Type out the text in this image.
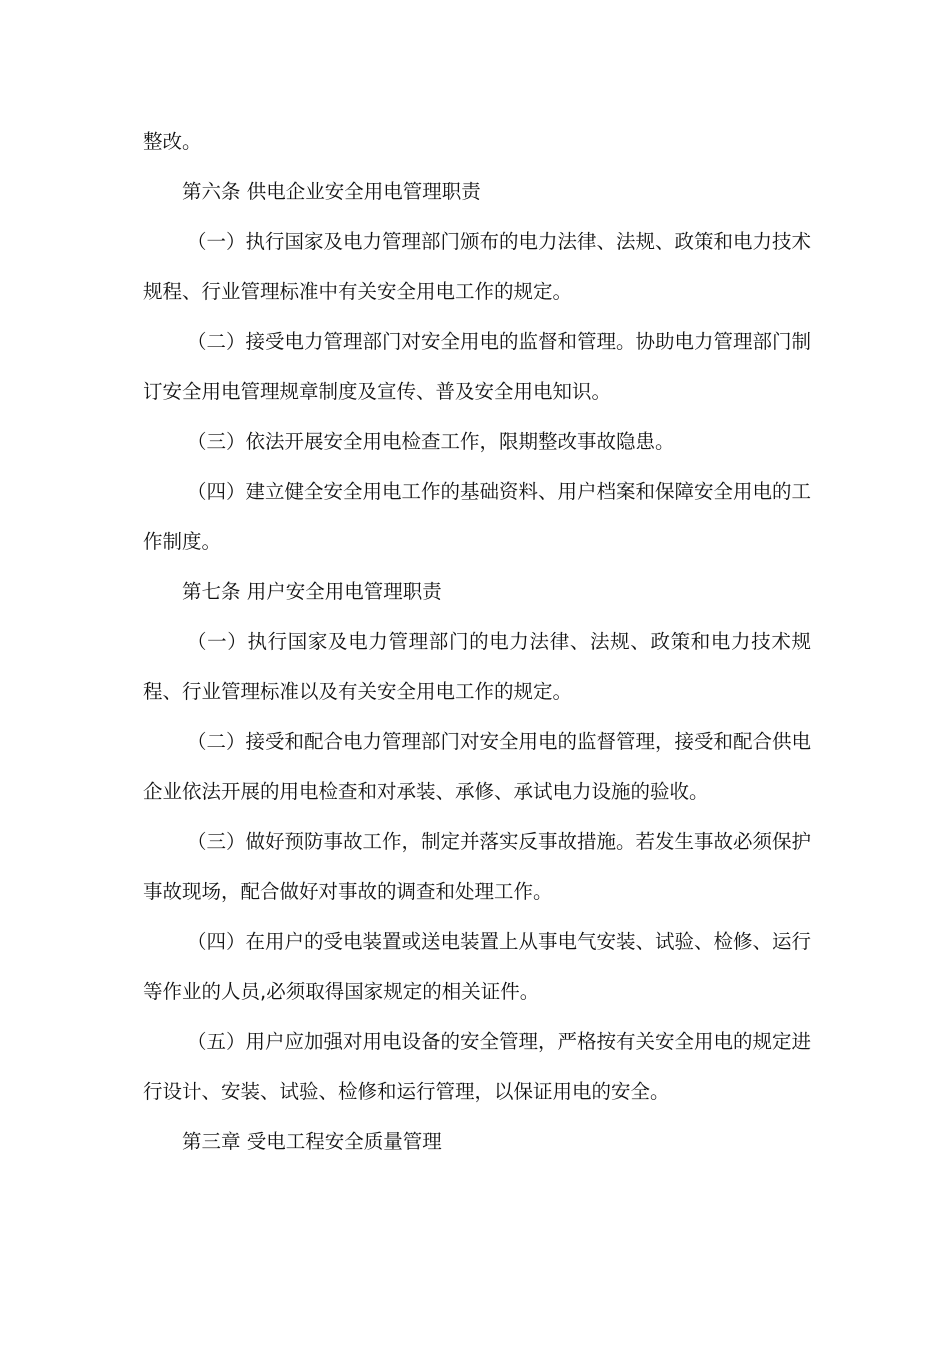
整改。

第六条 供电企业安全用电管理职责

（一）执行国家及电力管理部门颁布的电力法律、法规、政策和电力技术规程、行业管理标准中有关安全用电工作的规定。

（二）接受电力管理部门对安全用电的监督和管理。协助电力管理部门制订安全用电管理规章制度及宣传、普及安全用电知识。

（三）依法开展安全用电检查工作，限期整改事故隐患。

（四）建立健全安全用电工作的基础资料、用户档案和保障安全用电的工作制度。

第七条 用户安全用电管理职责

（一）执行国家及电力管理部门的电力法律、法规、政策和电力技术规程、行业管理标准以及有关安全用电工作的规定。

（二）接受和配合电力管理部门对安全用电的监督管理，接受和配合供电企业依法开展的用电检查和对承装、承修、承试电力设施的验收。

（三）做好预防事故工作，制定并落实反事故措施。若发生事故必须保护事故现场，配合做好对事故的调查和处理工作。

（四）在用户的受电装置或送电装置上从事电气安装、试验、检修、运行等作业的人员,必须取得国家规定的相关证件。

（五）用户应加强对用电设备的安全管理，严格按有关安全用电的规定进行设计、安装、试验、检修和运行管理，以保证用电的安全。

第三章 受电工程安全质量管理
